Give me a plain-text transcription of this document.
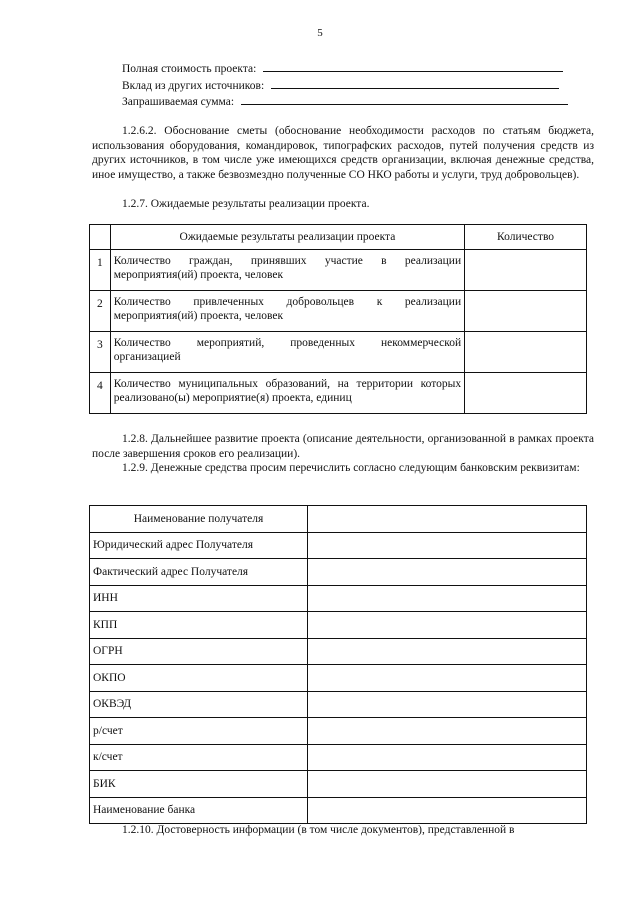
5
Полная стоимость проекта:
Вклад из других источников:
Запрашиваемая сумма:
1.2.6.2. Обоснование сметы (обоснование необходимости расходов по статьям бюджета, использования оборудования, командировок, типографских расходов, путей получения средств из других источников, в том числе уже имеющихся средств организации, включая денежные средства, иное имущество, а также безвозмездно полученные СО НКО работы и услуги, труд добровольцев).
1.2.7. Ожидаемые результаты реализации проекта.
	Ожидаемые результаты реализации проекта	Количество
1	Количество граждан, принявших участие в реализации мероприятия(ий) проекта, человек	
2	Количество привлеченных добровольцев к реализации мероприятия(ий) проекта, человек	
3	Количество мероприятий, проведенных некоммерческой организацией	
4	Количество муниципальных образований, на территории которых реализовано(ы) мероприятие(я) проекта, единиц	
1.2.8. Дальнейшее развитие проекта (описание деятельности, организованной в рамках проекта после завершения сроков его реализации).
1.2.9. Денежные средства просим перечислить согласно следующим банковским реквизитам:
Наименование получателя	
Юридический адрес Получателя	
Фактический адрес Получателя	
ИНН	
КПП	
ОГРН	
ОКПО	
ОКВЭД	
р/счет	
к/счет	
БИК	
Наименование банка	
1.2.10. Достоверность информации (в том числе документов), представленной в
